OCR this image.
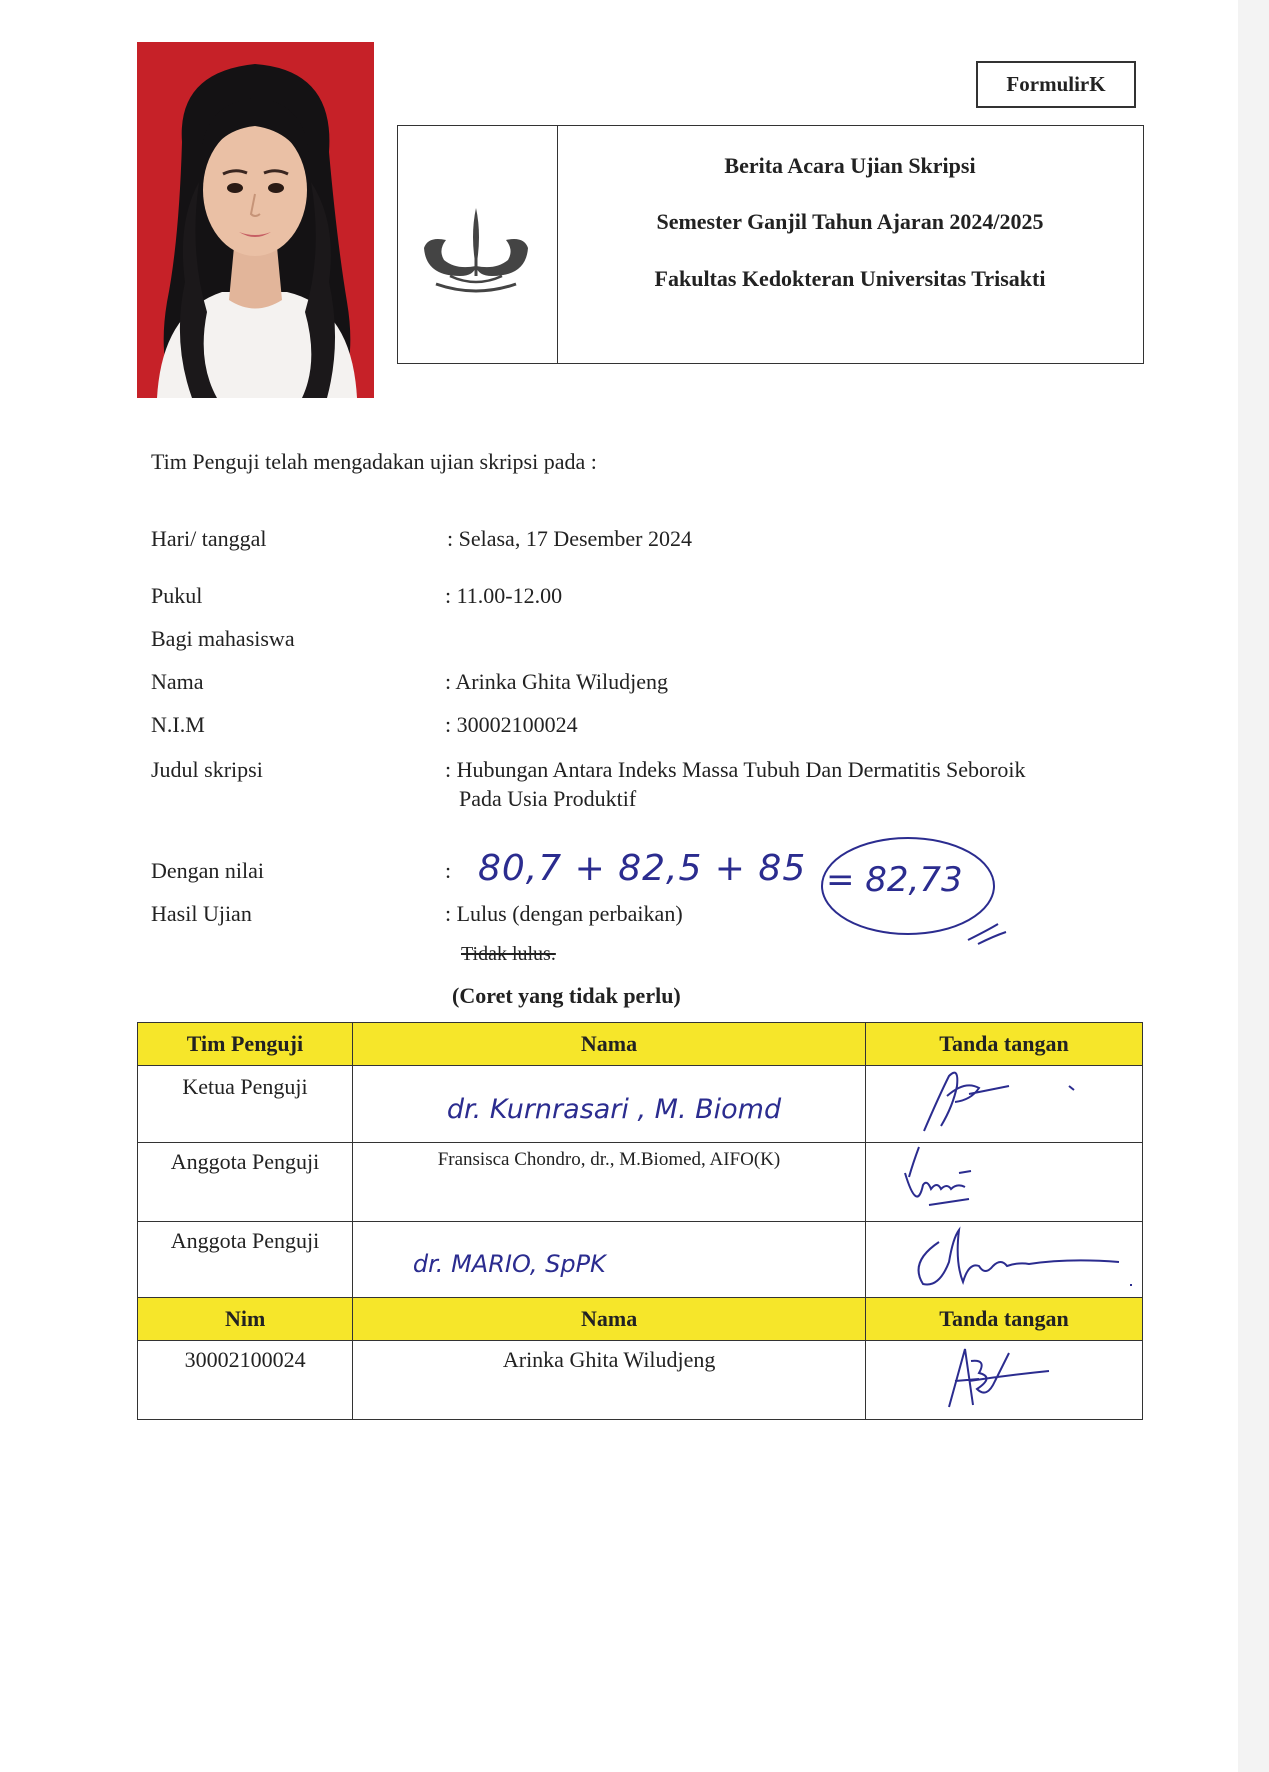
FormulirK
Berita Acara Ujian Skripsi
Semester Ganjil Tahun Ajaran 2024/2025
Fakultas Kedokteran Universitas Trisakti
Tim Penguji telah mengadakan ujian skripsi pada :
Hari/ tanggal	: Selasa, 17 Desember 2024
Pukul	: 11.00-12.00
Bagi mahasiswa
Nama	: Arinka Ghita Wiludjeng
N.I.M	: 30002100024
Judul skripsi	: Hubungan Antara Indeks Massa Tubuh Dan Dermatitis Seboroik
Pada Usia Produktif
Dengan nilai	: 80,7 + 82,5 + 85 = 82,73
Hasil Ujian	: Lulus (dengan perbaikan)
Tidak lulus.
(Coret yang tidak perlu)
Tim Penguji	Nama	Tanda tangan

Ketua Penguji	dr. Kurnrasari , M. Biomd

Anggota Penguji	Fransisca Chondro, dr., M.Biomed, AIFO(K)

Anggota Penguji	dr. MARIO, SpPK

Nim	Nama	Tanda tangan

30002100024	Arinka Ghita Wiludjeng
